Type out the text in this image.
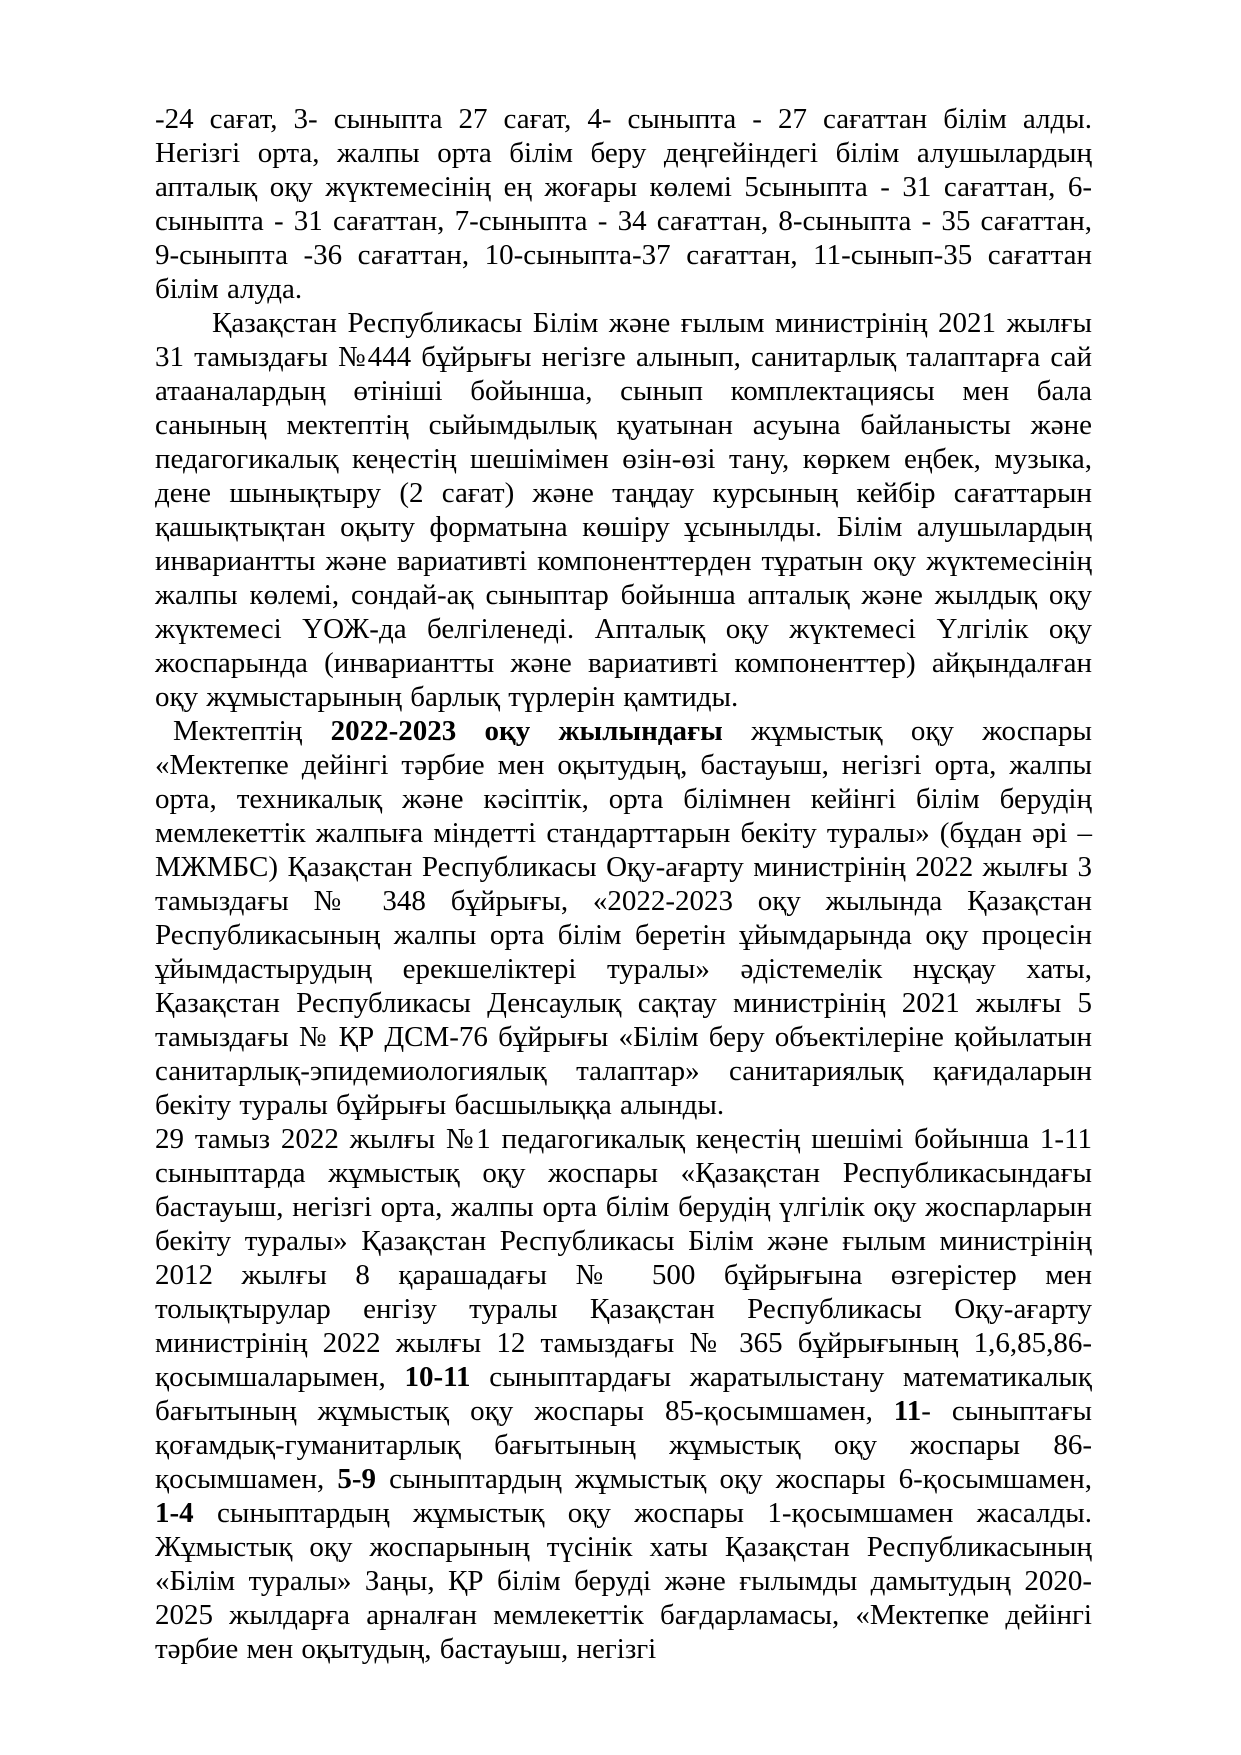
-24 сағат, 3- сыныпта 27 сағат, 4- сыныпта - 27 сағаттан білім алды. Негізгі орта, жалпы орта білім беру деңгейіндегі білім алушылардың апталық оқу жүктемесінің ең жоғары көлемі 5сыныпта - 31 сағаттан, 6-сыныпта - 31 сағаттан, 7-сыныпта - 34 сағаттан, 8-сыныпта - 35 сағаттан, 9-сыныпта -36 сағаттан, 10-сыныпта-37 сағаттан, 11-сынып-35 сағаттан білім алуда.

Қазақстан Республикасы Білім және ғылым министрінің 2021 жылғы 31 тамыздағы №444 бұйрығы негізге алынып, санитарлық талаптарға сай атааналардың өтініші бойынша, сынып комплектациясы мен бала санының мектептің сыйымдылық қуатынан асуына байланысты және педагогикалық кеңестің шешімімен өзін-өзі тану, көркем еңбек, музыка, дене шынықтыру (2 сағат) және таңдау курсының кейбір сағаттарын қашықтықтан оқыту форматына көшіру ұсынылды. Білім алушылардың инвариантты және вариативті компоненттерден тұратын оқу жүктемесінің жалпы көлемі, сондай-ақ сыныптар бойынша апталық және жылдық оқу жүктемесі ҮОЖ-да белгіленеді. Апталық оқу жүктемесі Үлгілік оқу жоспарында (инвариантты және вариативті компоненттер) айқындалған оқу жұмыстарының барлық түрлерін қамтиды.

Мектептің 2022-2023 оқу жылындағы жұмыстық оқу жоспары «Мектепке дейінгі тәрбие мен оқытудың, бастауыш, негізгі орта, жалпы орта, техникалық және кәсіптік, орта білімнен кейінгі білім берудің мемлекеттік жалпыға міндетті стандарттарын бекіту туралы» (бұдан әрі – МЖМБС) Қазақстан Республикасы Оқу-ағарту министрінің 2022 жылғы 3 тамыздағы № 348 бұйрығы, «2022-2023 оқу жылында Қазақстан Республикасының жалпы орта білім беретін ұйымдарында оқу процесін ұйымдастырудың ерекшеліктері туралы» әдістемелік нұсқау хаты, Қазақстан Республикасы Денсаулық сақтау министрінің 2021 жылғы 5 тамыздағы № ҚР ДСМ-76 бұйрығы «Білім беру объектілеріне қойылатын санитарлық-эпидемиологиялық талаптар» санитариялық қағидаларын бекіту туралы бұйрығы басшылыққа алынды.

29 тамыз 2022 жылғы №1 педагогикалық кеңестің шешімі бойынша 1-11 сыныптарда жұмыстық оқу жоспары «Қазақстан Республикасындағы бастауыш, негізгі орта, жалпы орта білім берудің үлгілік оқу жоспарларын бекіту туралы» Қазақстан Республикасы Білім және ғылым министрінің 2012 жылғы 8 қарашадағы № 500 бұйрығына өзгерістер мен толықтырулар енгізу туралы Қазақстан Республикасы Оқу-ағарту министрінің 2022 жылғы 12 тамыздағы № 365 бұйрығының 1,6,85,86-қосымшаларымен, 10-11 сыныптардағы жаратылыстану математикалық бағытының жұмыстық оқу жоспары 85-қосымшамен, 11- сыныптағы қоғамдық-гуманитарлық бағытының жұмыстық оқу жоспары 86-қосымшамен, 5-9 сыныптардың жұмыстық оқу жоспары 6-қосымшамен, 1-4 сыныптардың жұмыстық оқу жоспары 1-қосымшамен жасалды. Жұмыстық оқу жоспарының түсінік хаты Қазақстан Республикасының «Білім туралы» Заңы, ҚР білім беруді және ғылымды дамытудың 2020-2025 жылдарға арналған мемлекеттік бағдарламасы, «Мектепке дейінгі тәрбие мен оқытудың, бастауыш, негізгі
